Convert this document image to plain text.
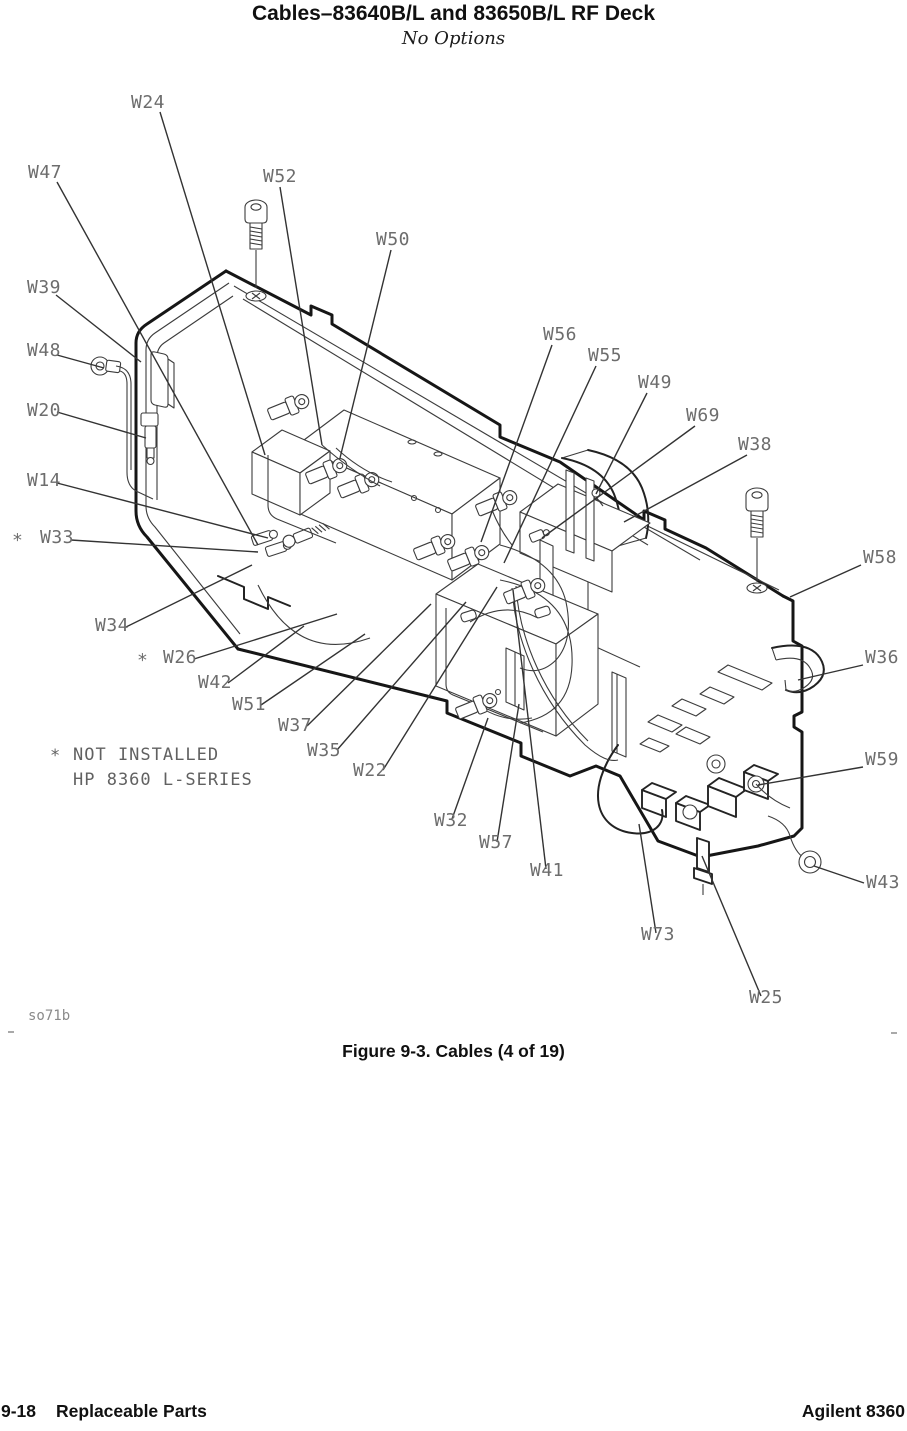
Cables–83640B/L and 83650B/L RF Deck
No Options
W24
W47	W52
W50
W39
W48
W56
W55
W20
W49
W69
W38
W14
* W33
W58
W34
W36
* W26
W42
W51
W37
W35
W22
W59
W32
W57
W41
W43
W73
W25
* NOT INSTALLED
HP 8360 L-SERIES
so71b
Figure 9-3. Cables (4 of 19)
9-18 Replaceable Parts	Agilent 8360
